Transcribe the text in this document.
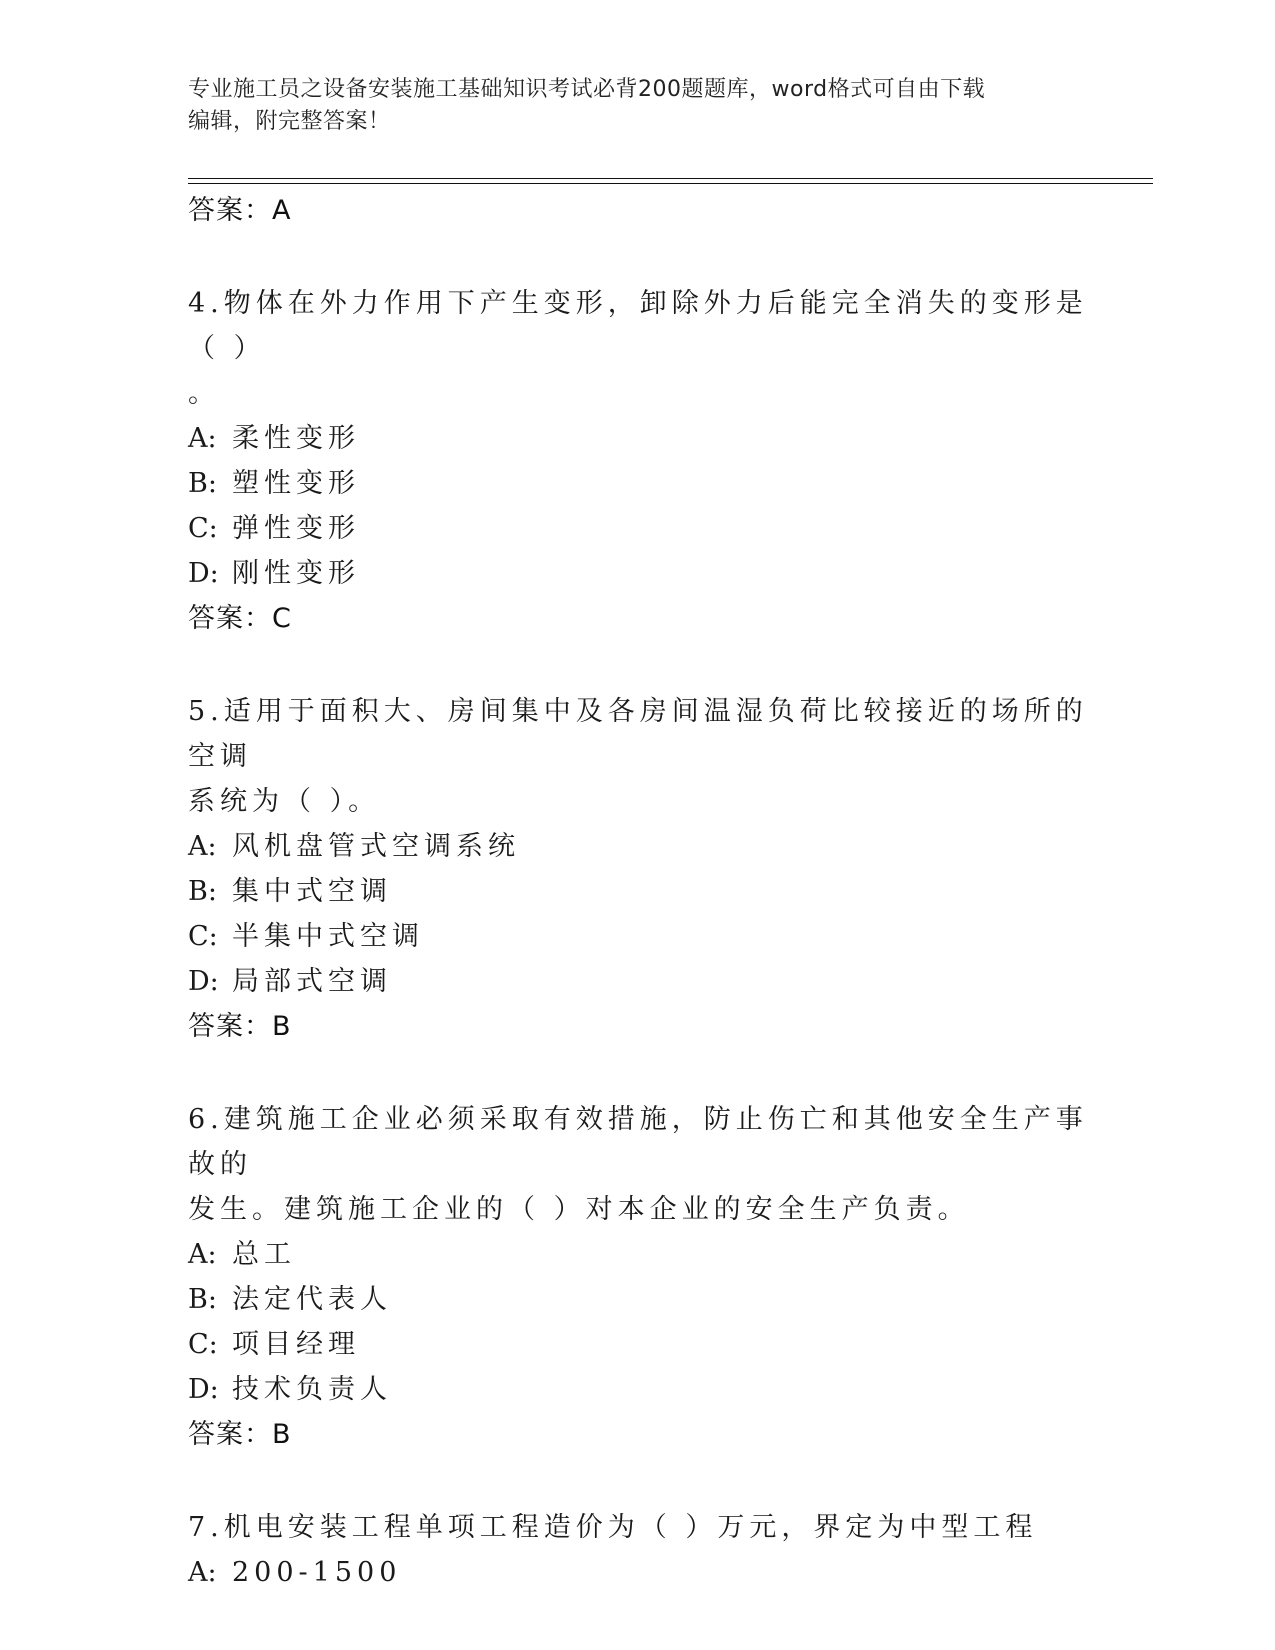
专业施工员之设备安装施工基础知识考试必背200题题库，word格式可自由下载
编辑，附完整答案！
答案：A
4.物体在外力作用下产生变形，卸除外力后能完全消失的变形是（ ）
。
A: 柔性变形
B: 塑性变形
C: 弹性变形
D: 刚性变形
答案：C
5.适用于面积大、房间集中及各房间温湿负荷比较接近的场所的空调
系统为（ ）。
A: 风机盘管式空调系统
B: 集中式空调
C: 半集中式空调
D: 局部式空调
答案：B
6.建筑施工企业必须采取有效措施，防止伤亡和其他安全生产事故的
发生。建筑施工企业的（ ）对本企业的安全生产负责。
A: 总工
B: 法定代表人
C: 项目经理
D: 技术负责人
答案：B
7.机电安装工程单项工程造价为（ ）万元，界定为中型工程
A: 200-1500
